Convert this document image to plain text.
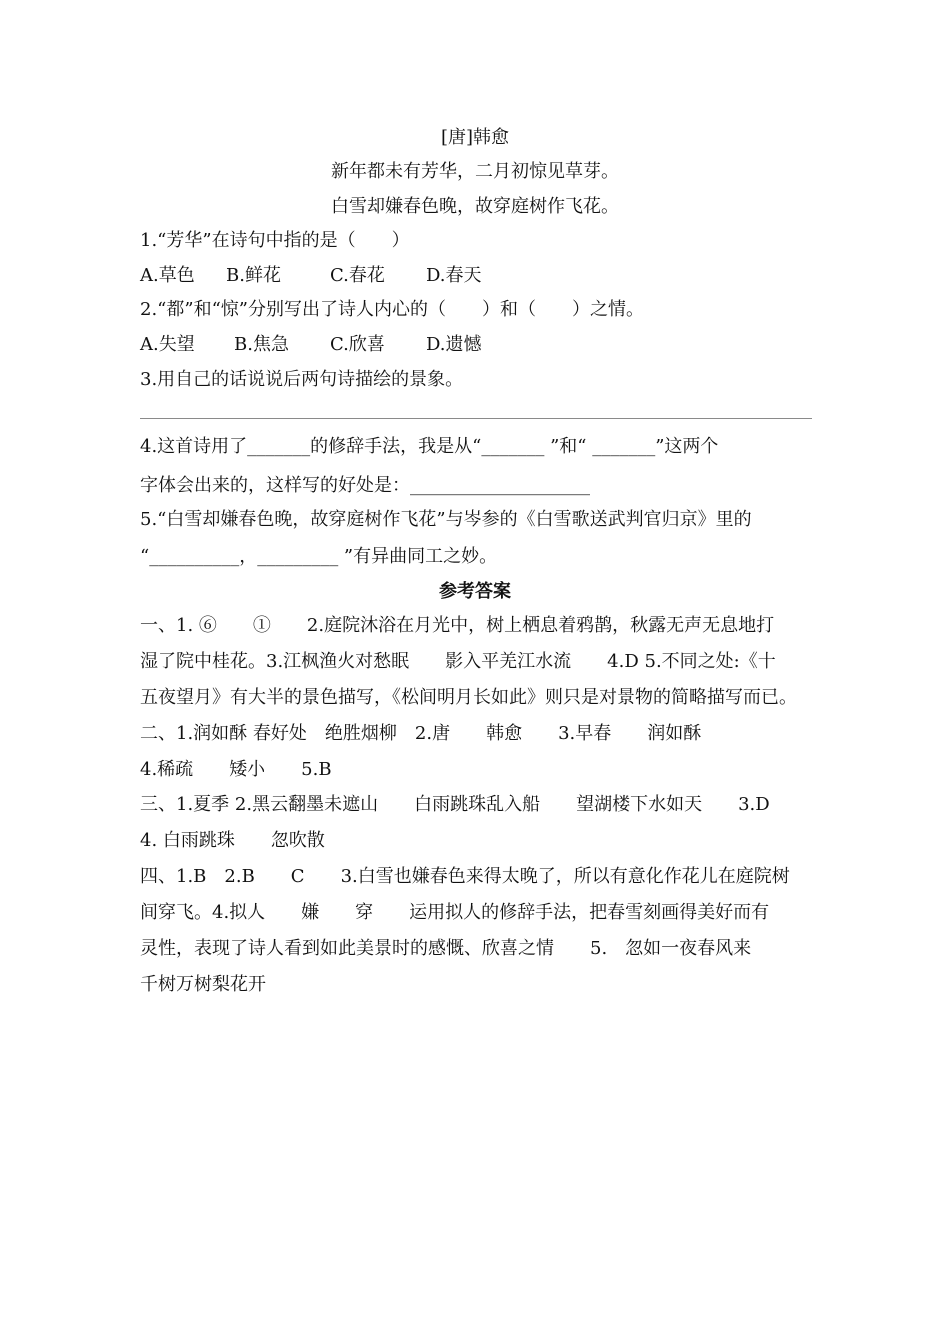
[唐]韩愈
新年都未有芳华，二月初惊见草芽。
白雪却嫌春色晚，故穿庭树作飞花。
1.“芳华”在诗句中指的是（　　）
A.草色 B.鲜花	C.春花 D.春天
2.“都”和“惊”分别写出了诗人内心的（　　）和（　　）之情。
A.失望 B.焦急 C.欣喜 D.遗憾
3.用自己的话说说后两句诗描绘的景象。
4.这首诗用了_______的修辞手法，我是从“_______ ”和“ _______”这两个
字体会出来的，这样写的好处是：____________________
5.“白雪却嫌春色晚，故穿庭树作飞花”与岑参的《白雪歌送武判官归京》里的
“__________，_________ ”有异曲同工之妙。
参考答案
一、1. ⑥　　①　　2.庭院沐浴在月光中，树上栖息着鸦鹊，秋露无声无息地打
湿了院中桂花。3.江枫渔火对愁眠　　影入平羌江水流　　4.D 5.不同之处:《十
五夜望月》有大半的景色描写，《松间明月长如此》则只是对景物的简略描写而已。
二、1.润如酥 春好处　绝胜烟柳　2.唐　　韩愈　　3.早春　　润如酥
4.稀疏　　矮小　　5.B
三、1.夏季 2.黑云翻墨未遮山　　白雨跳珠乱入船　　望湖楼下水如天　　3.D
4. 白雨跳珠　　忽吹散
四、1.B　2.B　　C　　3.白雪也嫌春色来得太晚了，所以有意化作花儿在庭院树
间穿飞。4.拟人　　嫌　　穿　　运用拟人的修辞手法，把春雪刻画得美好而有
灵性，表现了诗人看到如此美景时的感慨、欣喜之情　　5.　忽如一夜春风来
千树万树梨花开
